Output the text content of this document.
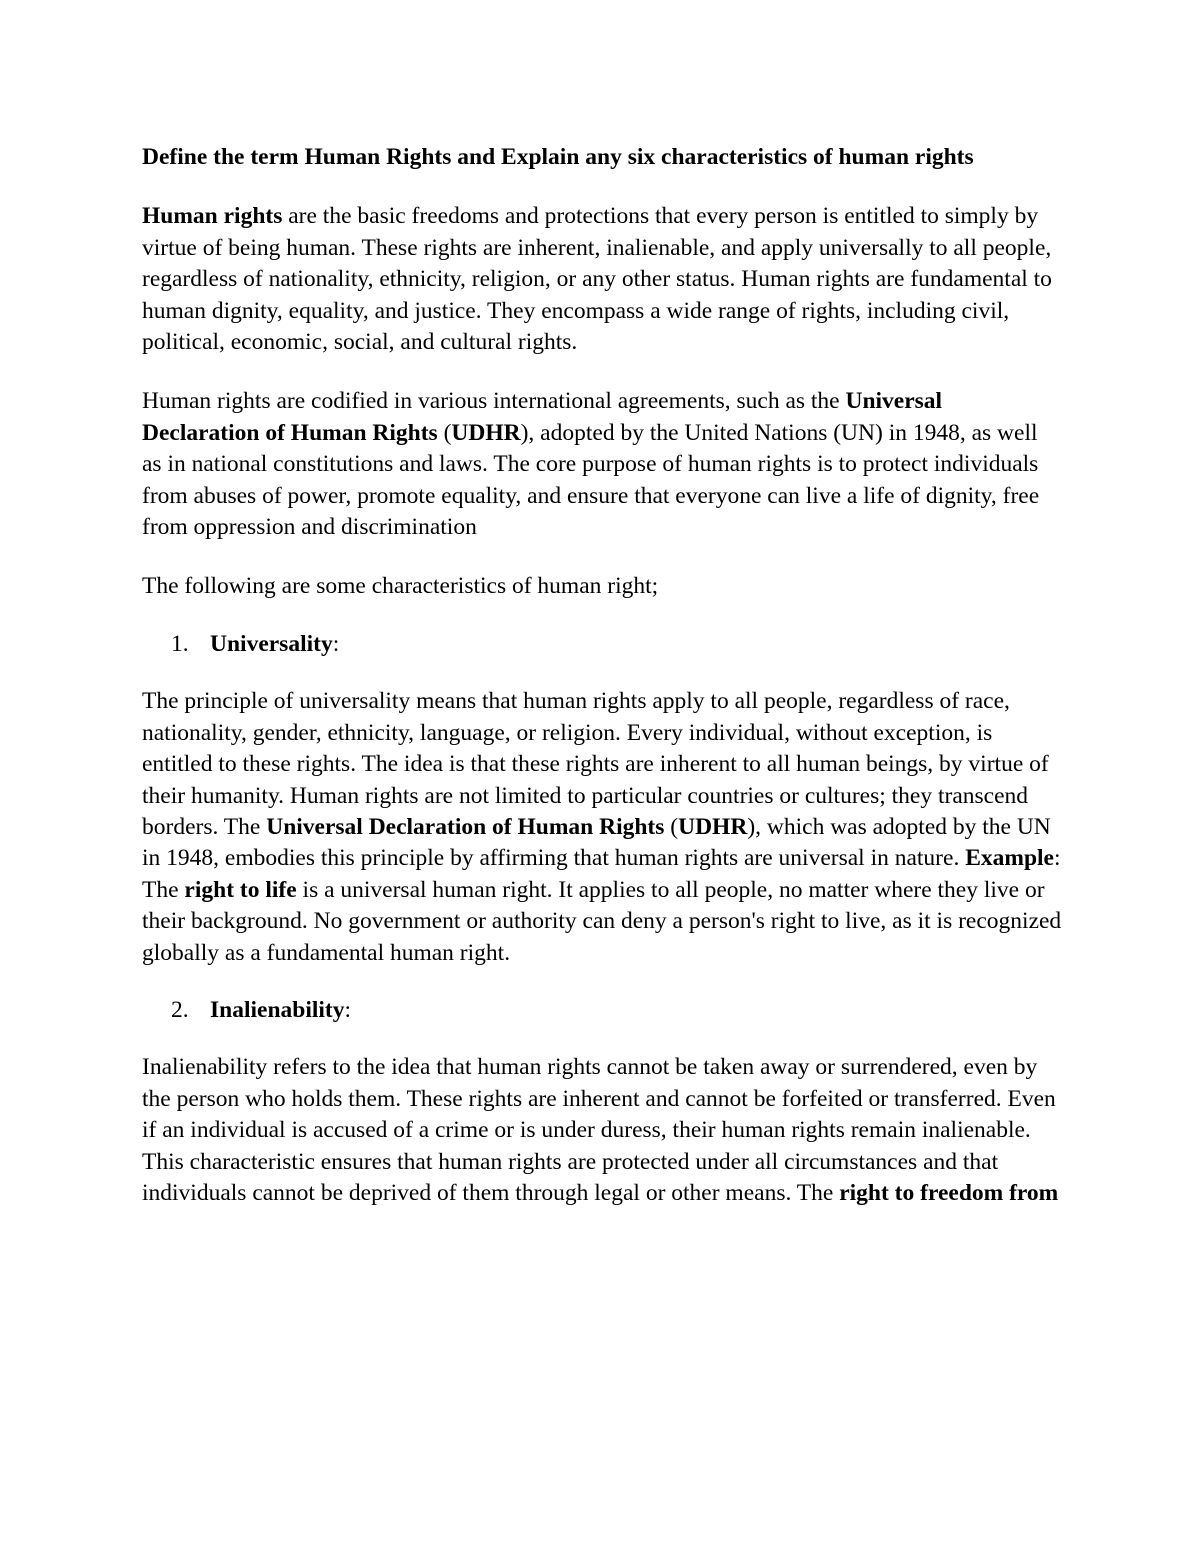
Define the term Human Rights and Explain any six characteristics of human rights

Human rights are the basic freedoms and protections that every person is entitled to simply by virtue of being human. These rights are inherent, inalienable, and apply universally to all people, regardless of nationality, ethnicity, religion, or any other status. Human rights are fundamental to human dignity, equality, and justice. They encompass a wide range of rights, including civil, political, economic, social, and cultural rights.

Human rights are codified in various international agreements, such as the Universal Declaration of Human Rights (UDHR), adopted by the United Nations (UN) in 1948, as well as in national constitutions and laws. The core purpose of human rights is to protect individuals from abuses of power, promote equality, and ensure that everyone can live a life of dignity, free from oppression and discrimination

The following are some characteristics of human right;

1. Universality:

The principle of universality means that human rights apply to all people, regardless of race, nationality, gender, ethnicity, language, or religion. Every individual, without exception, is entitled to these rights. The idea is that these rights are inherent to all human beings, by virtue of their humanity. Human rights are not limited to particular countries or cultures; they transcend borders. The Universal Declaration of Human Rights (UDHR), which was adopted by the UN in 1948, embodies this principle by affirming that human rights are universal in nature. Example: The right to life is a universal human right. It applies to all people, no matter where they live or their background. No government or authority can deny a person's right to live, as it is recognized globally as a fundamental human right.

2. Inalienability:

Inalienability refers to the idea that human rights cannot be taken away or surrendered, even by the person who holds them. These rights are inherent and cannot be forfeited or transferred. Even if an individual is accused of a crime or is under duress, their human rights remain inalienable. This characteristic ensures that human rights are protected under all circumstances and that individuals cannot be deprived of them through legal or other means. The right to freedom from
